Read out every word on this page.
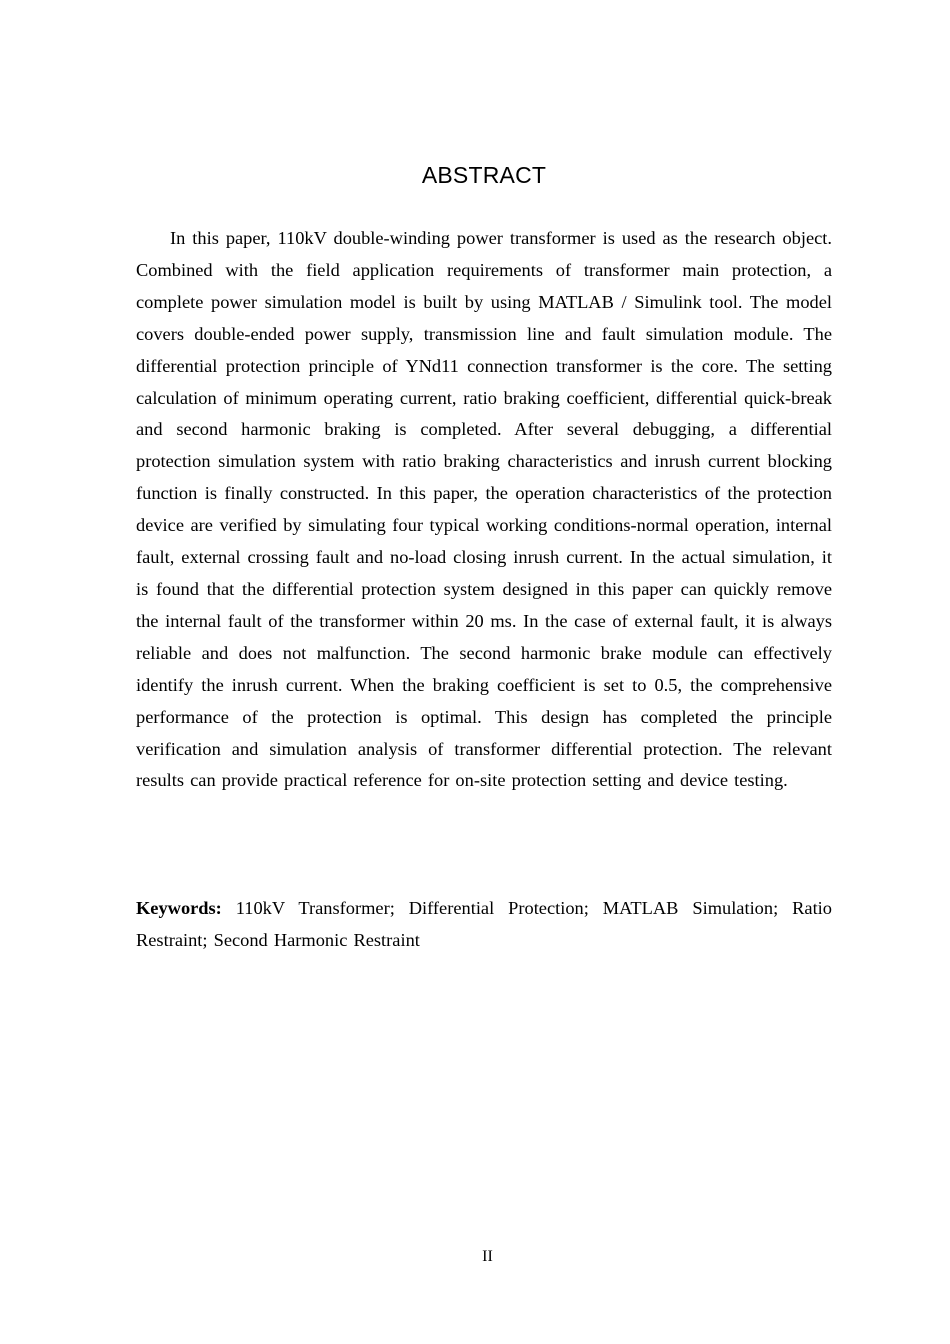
ABSTRACT

In this paper, 110kV double-winding power transformer is used as the research object. Combined with the field application requirements of transformer main protection, a complete power simulation model is built by using MATLAB / Simulink tool. The model covers double-ended power supply, transmission line and fault simulation module. The differential protection principle of YNd11 connection transformer is the core. The setting calculation of minimum operating current, ratio braking coefficient, differential quick-break and second harmonic braking is completed. After several debugging, a differential protection simulation system with ratio braking characteristics and inrush current blocking function is finally constructed. In this paper, the operation characteristics of the protection device are verified by simulating four typical working conditions-normal operation, internal fault, external crossing fault and no-load closing inrush current. In the actual simulation, it is found that the differential protection system designed in this paper can quickly remove the internal fault of the transformer within 20 ms. In the case of external fault, it is always reliable and does not malfunction. The second harmonic brake module can effectively identify the inrush current. When the braking coefficient is set to 0.5, the comprehensive performance of the protection is optimal. This design has completed the principle verification and simulation analysis of transformer differential protection. The relevant results can provide practical reference for on-site protection setting and device testing.

Keywords: 110kV Transformer; Differential Protection; MATLAB Simulation; Ratio Restraint; Second Harmonic Restraint

II
